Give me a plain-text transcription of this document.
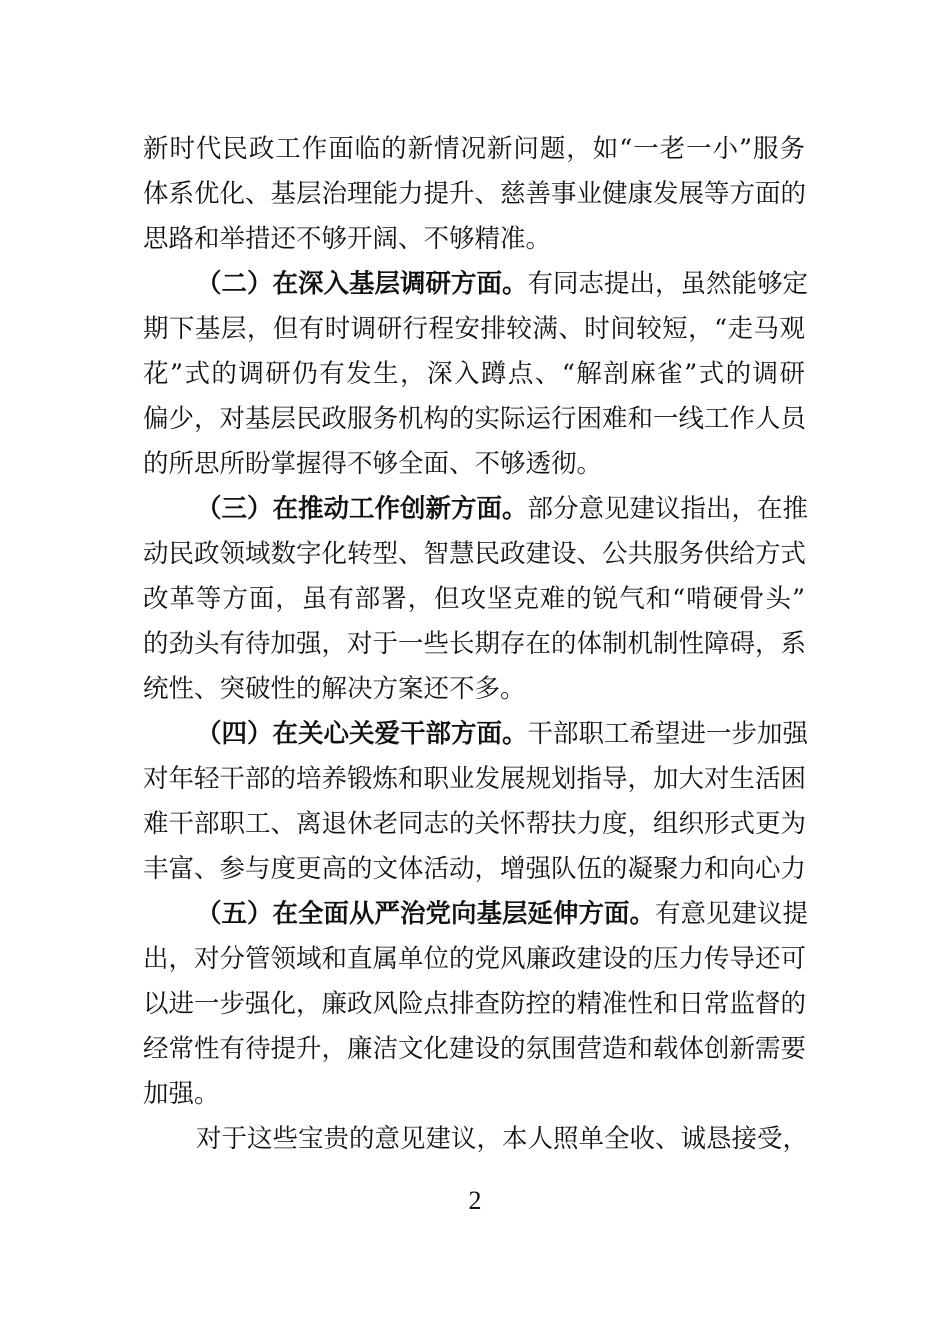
新时代民政工作面临的新情况新问题，如“一老一小”服务
体系优化、基层治理能力提升、慈善事业健康发展等方面的
思路和举措还不够开阔、不够精准。
（二）在深入基层调研方面。有同志提出，虽然能够定
期下基层，但有时调研行程安排较满、时间较短，“走马观
花”式的调研仍有发生，深入蹲点、“解剖麻雀”式的调研
偏少，对基层民政服务机构的实际运行困难和一线工作人员
的所思所盼掌握得不够全面、不够透彻。
（三）在推动工作创新方面。部分意见建议指出，在推
动民政领域数字化转型、智慧民政建设、公共服务供给方式
改革等方面，虽有部署，但攻坚克难的锐气和“啃硬骨头”
的劲头有待加强，对于一些长期存在的体制机制性障碍，系
统性、突破性的解决方案还不多。
（四）在关心关爱干部方面。干部职工希望进一步加强
对年轻干部的培养锻炼和职业发展规划指导，加大对生活困
难干部职工、离退休老同志的关怀帮扶力度，组织形式更为
丰富、参与度更高的文体活动，增强队伍的凝聚力和向心力
（五）在全面从严治党向基层延伸方面。有意见建议提
出，对分管领域和直属单位的党风廉政建设的压力传导还可
以进一步强化，廉政风险点排查防控的精准性和日常监督的
经常性有待提升，廉洁文化建设的氛围营造和载体创新需要
加强。
对于这些宝贵的意见建议，本人照单全收、诚恳接受，
2
